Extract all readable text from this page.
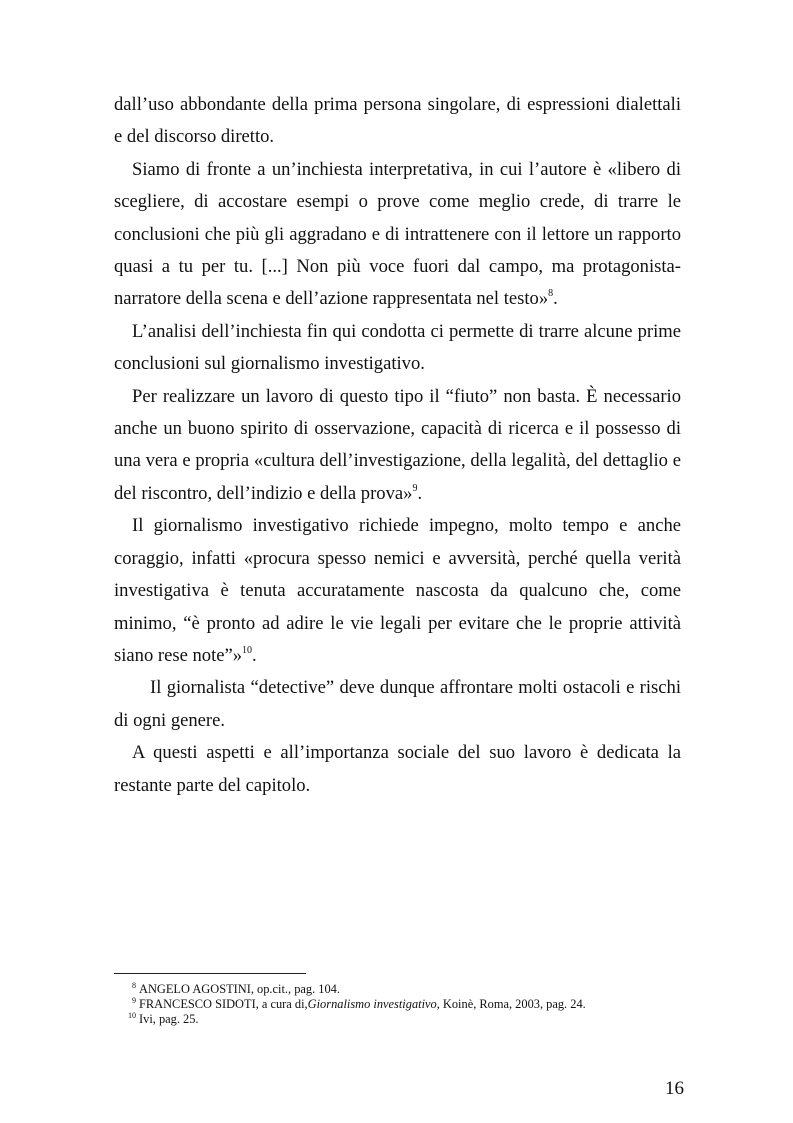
dall’uso abbondante della prima persona singolare, di espressioni dialettali e del discorso diretto.

Siamo di fronte a un’inchiesta interpretativa, in cui l’autore è «libero di scegliere, di accostare esempi o prove come meglio crede, di trarre le conclusioni che più gli aggradano e di intrattenere con il lettore un rapporto quasi a tu per tu. [...] Non più voce fuori dal campo, ma protagonista-narratore della scena e dell’azione rappresentata nel testo»$^8$.

L’analisi dell’inchiesta fin qui condotta ci permette di trarre alcune prime conclusioni sul giornalismo investigativo.

Per realizzare un lavoro di questo tipo il “fiuto” non basta. È necessario anche un buono spirito di osservazione, capacità di ricerca e il possesso di una vera e propria «cultura dell’investigazione, della legalità, del dettaglio e del riscontro, dell’indizio e della prova»$^9$.

Il giornalismo investigativo richiede impegno, molto tempo e anche coraggio, infatti «procura spesso nemici e avversità, perché quella verità investigativa è tenuta accuratamente nascosta da qualcuno che, come minimo, “è pronto ad adire le vie legali per evitare che le proprie attività siano rese note”»$^{10}$.

Il giornalista “detective” deve dunque affrontare molti ostacoli e rischi di ogni genere.

A questi aspetti e all’importanza sociale del suo lavoro è dedicata la restante parte del capitolo.

$^8$ ANGELO AGOSTINI, op.cit., pag. 104.
$^9$ FRANCESCO SIDOTI, a cura di,Giornalismo investigativo, Koinè, Roma, 2003, pag. 24.
$^{10}$ Ivi, pag. 25.
16
